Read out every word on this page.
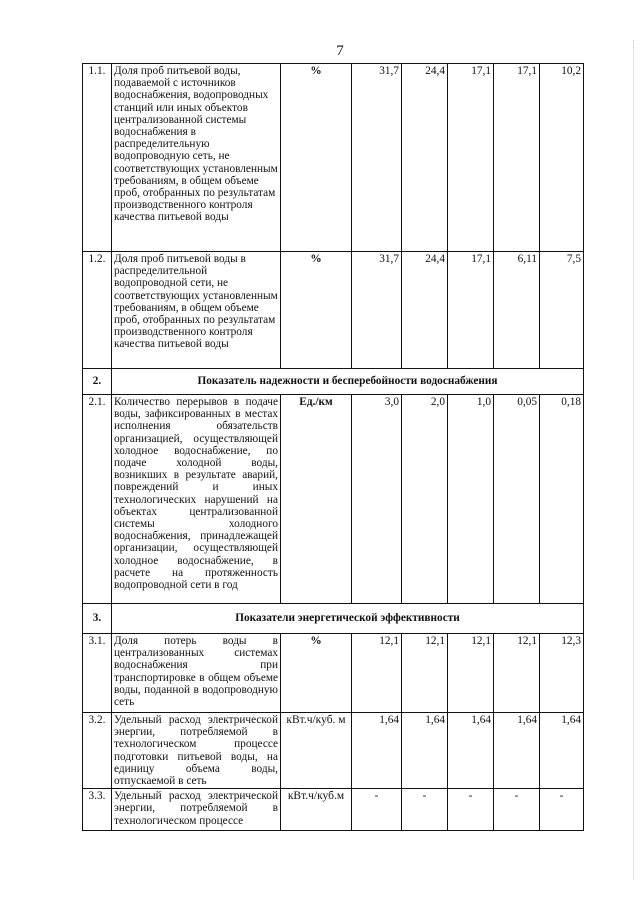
7
1.1.	Доля проб питьевой воды, подаваемой с источников водоснабжения, водопроводных станций или иных объектов централизованной системы водоснабжения в распределительную водопроводную сеть, не соответствующих установленным требованиям, в общем объеме проб, отобранных по результатам производственного контроля качества питьевой воды	%	31,7	24,4	17,1	17,1	10,2
1.2.	Доля проб питьевой воды в распределительной водопроводной сети, не соответствующих установленным требованиям, в общем объеме проб, отобранных по результатам производственного контроля качества питьевой воды	%	31,7	24,4	17,1	6,11	7,5
2.	Показатель надежности и бесперебойности водоснабжения						
2.1.	Количество перерывов в подаче воды, зафиксированных в местах исполнения обязательств организацией, осуществляющей холодное водоснабжение, по подаче холодной воды, возникших в результате аварий, повреждений и иных технологических нарушений на объектах централизованной системы холодного водоснабжения, принадлежащей организации, осуществляющей холодное водоснабжение, в расчете на протяженность водопроводной сети в год	Ед./км	3,0	2,0	1,0	0,05	0,18
3.	Показатели энергетической эффективности						
3.1.	Доля потерь воды в централизованных системах водоснабжения при транспортировке в общем объеме воды, поданной в водопроводную сеть	%	12,1	12,1	12,1	12,1	12,3
3.2.	Удельный расход электрической энергии, потребляемой в технологическом процессе подготовки питьевой воды, на единицу объема воды, отпускаемой в сеть	кВт.ч/куб. м	1,64	1,64	1,64	1,64	1,64
3.3.	Удельный расход электрической энергии, потребляемой в технологическом процессе	кВт.ч/куб.м	-	-	-	-	-
